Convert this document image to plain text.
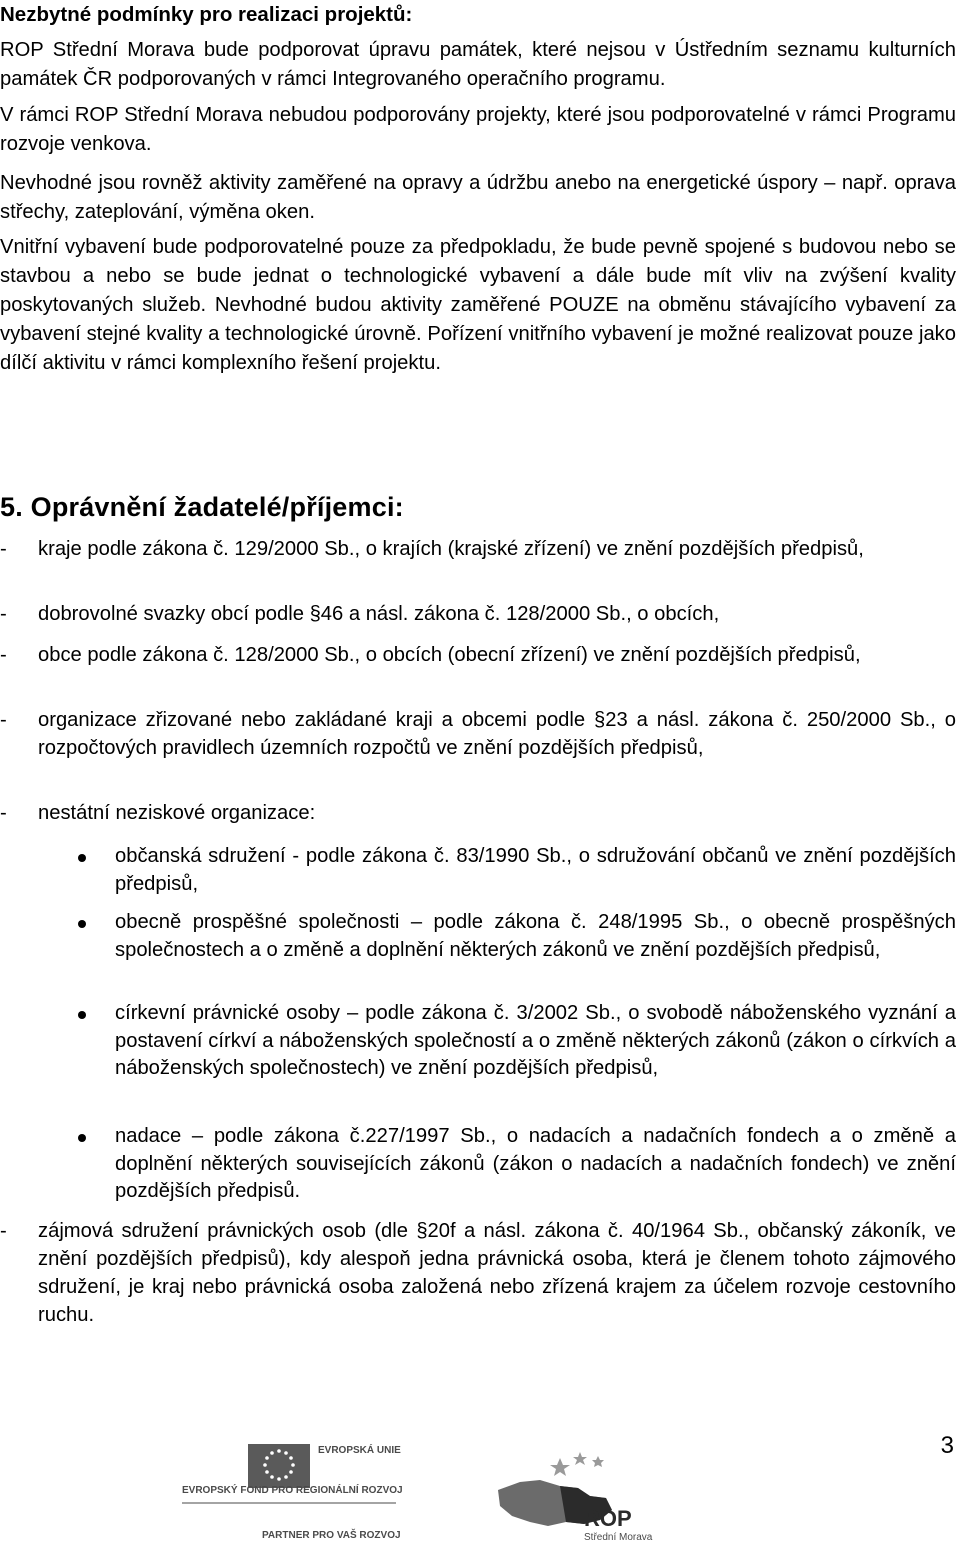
Nezbytné podmínky pro realizaci projektů:

ROP Střední Morava bude podporovat úpravu památek, které nejsou v Ústředním seznamu kulturních památek ČR podporovaných v rámci Integrovaného operačního programu.

V rámci ROP Střední Morava nebudou podporovány projekty, které jsou podporovatelné v rámci Programu rozvoje venkova.

Nevhodné jsou rovněž aktivity zaměřené na opravy a údržbu anebo na energetické úspory – např. oprava střechy, zateplování, výměna oken.

Vnitřní vybavení bude podporovatelné pouze za předpokladu, že bude pevně spojené s budovou nebo se stavbou a nebo se bude jednat o technologické vybavení a dále bude mít vliv na zvýšení kvality poskytovaných služeb. Nevhodné budou aktivity zaměřené POUZE na obměnu stávajícího vybavení za vybavení stejné kvality a technologické úrovně. Pořízení vnitřního vybavení je možné realizovat pouze jako dílčí aktivitu v rámci komplexního řešení projektu.

5. Oprávnění žadatelé/příjemci:
-	kraje podle zákona č. 129/2000 Sb., o krajích (krajské zřízení) ve znění pozdějších předpisů,
-	dobrovolné svazky obcí podle §46 a násl. zákona č. 128/2000 Sb., o obcích,
-	obce podle zákona č. 128/2000 Sb., o obcích (obecní zřízení) ve znění pozdějších předpisů,
-	organizace zřizované nebo zakládané kraji a obcemi podle §23 a násl. zákona č. 250/2000 Sb., o rozpočtových pravidlech územních rozpočtů ve znění pozdějších předpisů,
-	nestátní neziskové organizace:
občanská sdružení - podle zákona č. 83/1990 Sb., o sdružování občanů ve znění pozdějších předpisů,
obecně prospěšné společnosti – podle zákona č. 248/1995 Sb., o obecně prospěšných společnostech a o změně a doplnění některých zákonů ve znění pozdějších předpisů,
církevní právnické osoby – podle zákona č. 3/2002 Sb., o svobodě náboženského vyznání a postavení církví a náboženských společností a o změně některých zákonů (zákon o církvích a náboženských společnostech) ve znění pozdějších předpisů,
nadace – podle zákona č.227/1997 Sb., o nadacích a nadačních fondech a o změně a doplnění některých souvisejících zákonů (zákon o nadacích a nadačních fondech) ve znění pozdějších předpisů.
-	zájmová sdružení právnických osob (dle §20f a násl. zákona č. 40/1964 Sb., občanský zákoník, ve znění pozdějších předpisů), kdy alespoň jedna právnická osoba, která je členem tohoto zájmového sdružení, je kraj nebo právnická osoba založená nebo zřízená krajem za účelem rozvoje cestovního ruchu.
EVROPSKÁ UNIE
EVROPSKÝ FOND PRO REGIONÁLNÍ ROZVOJ
PARTNER PRO VAŠ ROZVOJ
ROP
Střední Morava
3
